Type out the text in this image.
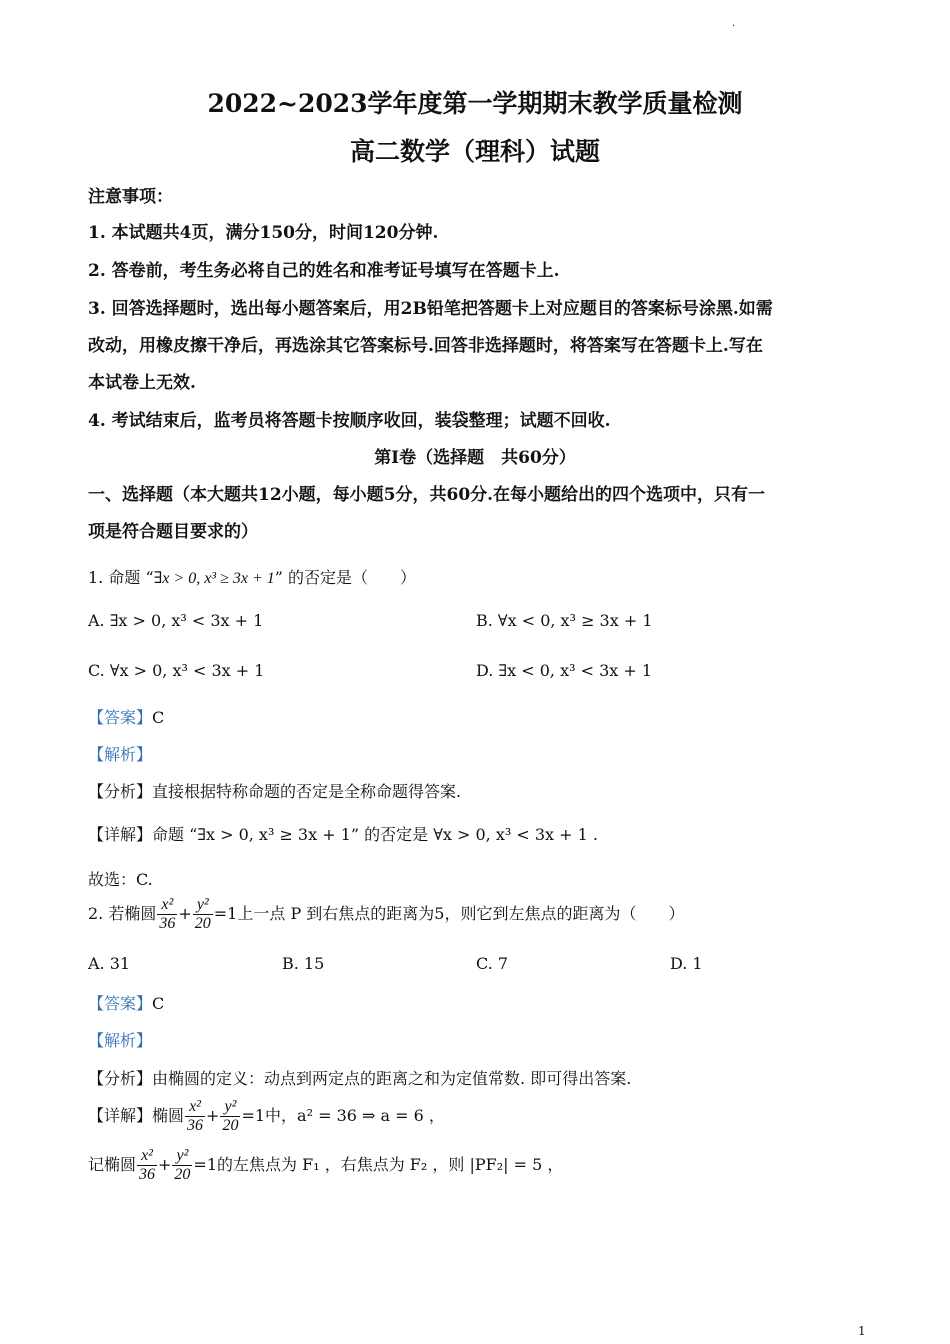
.
2022~2023学年度第一学期期末教学质量检测
高二数学（理科）试题
注意事项：
1. 本试题共4页，满分150分，时间120分钟.
2. 答卷前，考生务必将自己的姓名和准考证号填写在答题卡上.
3. 回答选择题时，选出每小题答案后，用2B铅笔把答题卡上对应题目的答案标号涂黑.如需
改动，用橡皮擦干净后，再选涂其它答案标号.回答非选择题时，将答案写在答题卡上.写在
本试卷上无效.
4. 考试结束后，监考员将答题卡按顺序收回，装袋整理；试题不回收.
第Ⅰ卷（选择题　共60分）
一、选择题（本大题共12小题，每小题5分，共60分.在每小题给出的四个选项中，只有一
项是符合题目要求的）
1. 命题 “∃x > 0, x³ ≥ 3x + 1” 的否定是（　　）
A. ∃x > 0, x³ < 3x + 1	B. ∀x < 0, x³ ≥ 3x + 1
C. ∀x > 0, x³ < 3x + 1	D. ∃x < 0, x³ < 3x + 1
【答案】C
【解析】
【分析】直接根据特称命题的否定是全称命题得答案.
【详解】命题 “∃x > 0, x³ ≥ 3x + 1” 的否定是 ∀x > 0, x³ < 3x + 1 .
故选：C.
2. 若椭圆 $\frac{\text{x²}}{36} + \frac{\text{y²}}{20} =1$上一点 P 到右焦点的距离为5，则它到左焦点的距离为（　　）
A. 31	B. 15	C. 7	D. 1
【答案】C
【解析】
【分析】由椭圆的定义：动点到两定点的距离之和为定值常数. 即可得出答案.
【详解】椭圆 $\frac{\text{x²}}{36} + \frac{\text{y²}}{20} =1$中，a² = 36 ⇒ a = 6 ，
记椭圆 $\frac{\text{x²}}{36} + \frac{\text{y²}}{20} =1$的左焦点为 F₁ ，右焦点为 F₂ ，则 |PF₂| = 5 ，
1
